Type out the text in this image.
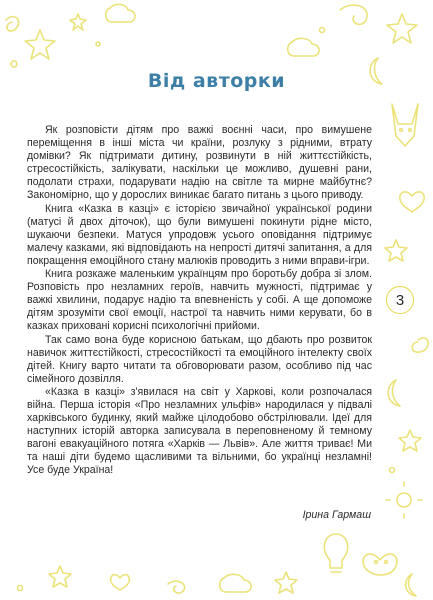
Від авторки

Як розповісти дітям про важкі воєнні часи, про вимушене переміщення в інші міста чи країни, розлуку з рідними, втрату домівки? Як підтримати дитину, розвинути в ній життєстійкість, стресостійкість, залікувати, наскільки це можливо, душевні рани, подолати страхи, подарувати надію на світле та мирне майбутнє? Закономірно, що у дорослих виникає багато питань з цього приводу.

Книга «Казка в казці» є історією звичайної української родини (матусі й двох діточок), що були вимушені покинути рідне місто, шукаючи безпеки. Матуся упродовж усього оповідання підтримує малечу казками, які відповідають на непрості дитячі запитання, а для покращення емоційного стану малюків проводить з ними вправи-ігри.

Книга розкаже маленьким українцям про боротьбу добра зі злом. Розповість про незламних героїв, навчить мужності, підтримає у важкі хвилини, подарує надію та впевненість у собі. А ще допоможе дітям зрозуміти свої емоції, настрої та навчить ними керувати, бо в казках приховані корисні психологічні прийоми.

Так само вона буде корисною батькам, що дбають про розвиток навичок життєстійкості, стресостійкості та емоційного інтелекту своїх дітей. Книгу варто читати та обговорювати разом, особливо під час сімейного дозвілля.

«Казка в казці» з'явилася на світ у Харкові, коли розпочалася війна. Перша історія «Про незламних ульфів» народилася у підвалі харківського будинку, який майже цілодобово обстрілювали. Ідеї для наступних історій авторка записувала в переповненому й темному вагоні евакуаційного потяга «Харків — Львів». Але життя триває! Ми та наші діти будемо щасливими та вільними, бо українці незламні! Усе буде Україна!

Ірина Гармаш

3
